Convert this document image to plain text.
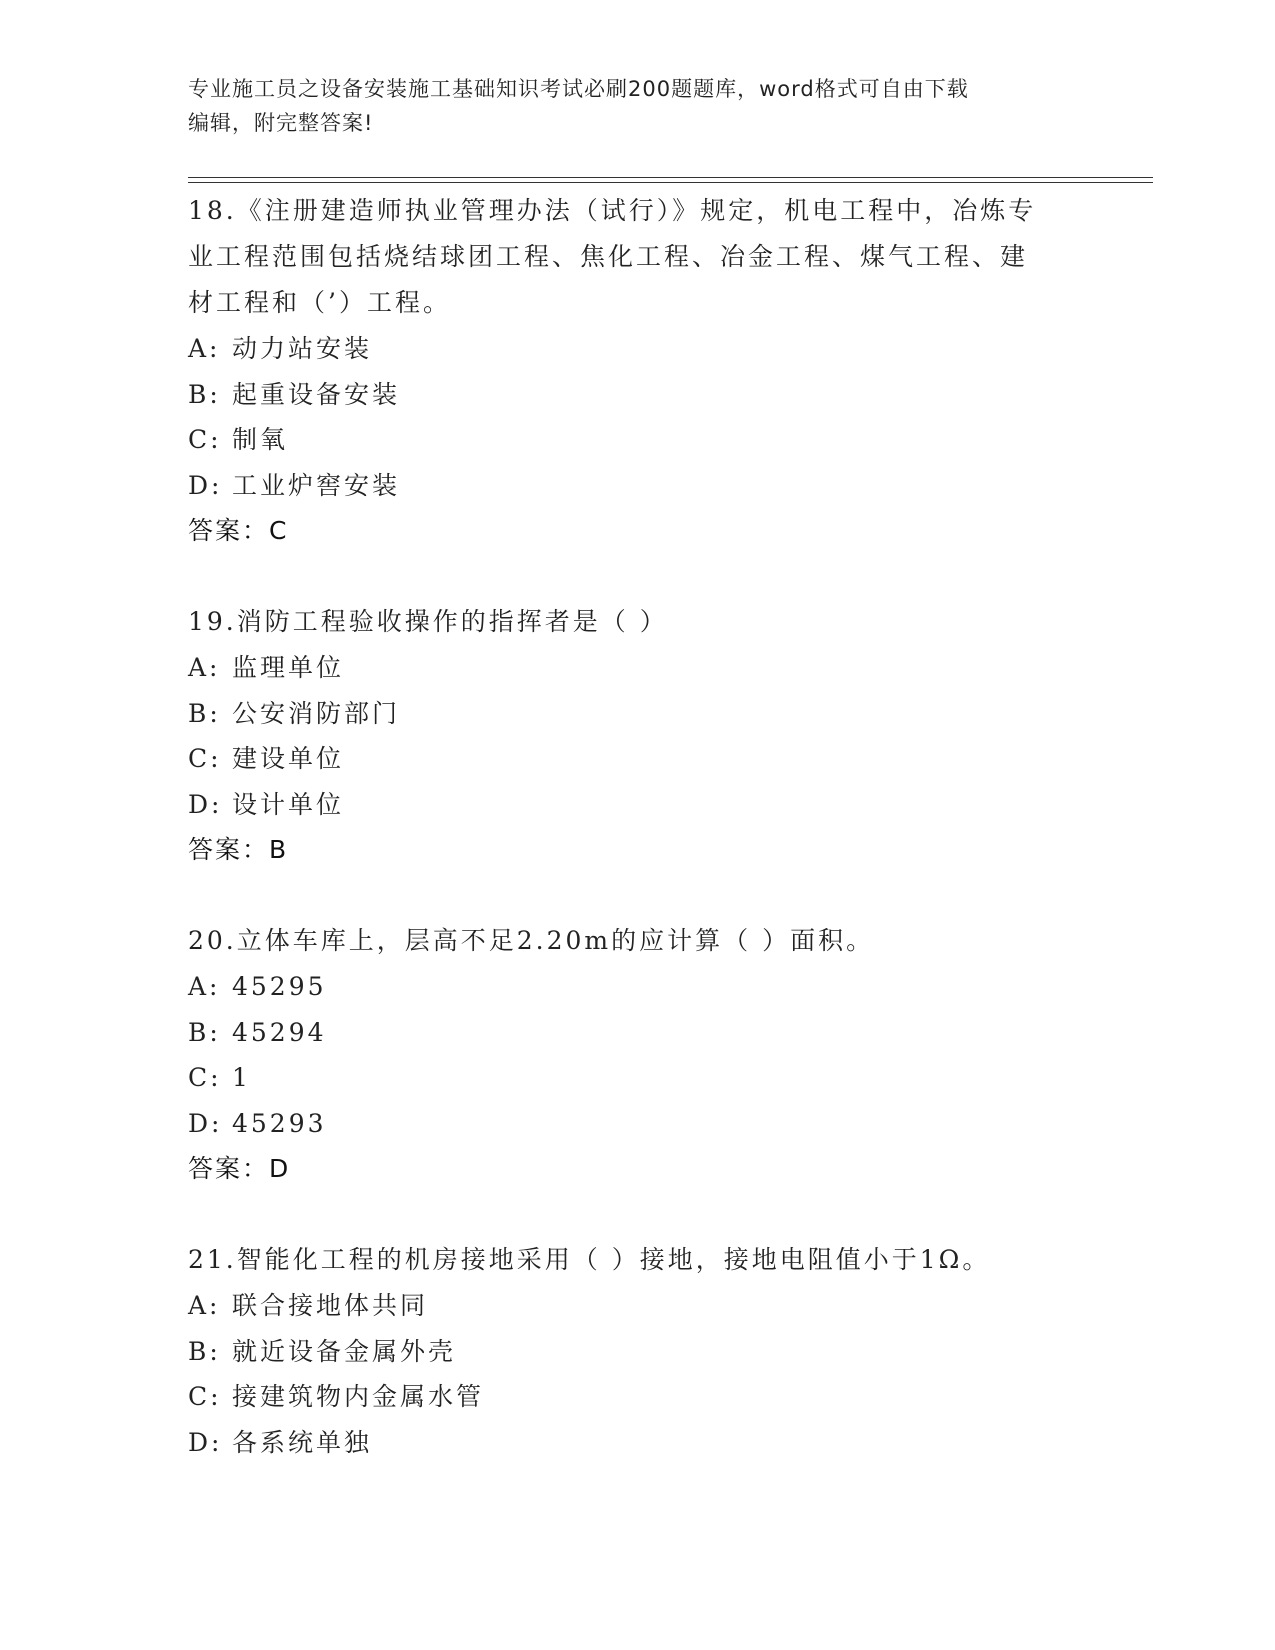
专业施工员之设备安装施工基础知识考试必刷200题题库，word格式可自由下载
编辑，附完整答案!

18.《注册建造师执业管理办法（试行）》规定，机电工程中，冶炼专

业工程范围包括烧结球团工程、焦化工程、冶金工程、煤气工程、建

材工程和（’）工程。

A: 动力站安装

B: 起重设备安装

C: 制氧

D: 工业炉窖安装

答案：C

19.消防工程验收操作的指挥者是（ ）

A: 监理单位

B: 公安消防部门

C: 建设单位

D: 设计单位

答案：B

20.立体车库上，层高不足2.20m的应计算（ ）面积。

A: 45295

B: 45294

C: 1

D: 45293

答案：D

21.智能化工程的机房接地采用（ ）接地，接地电阻值小于1Ω。

A: 联合接地体共同

B: 就近设备金属外壳

C: 接建筑物内金属水管

D: 各系统单独
